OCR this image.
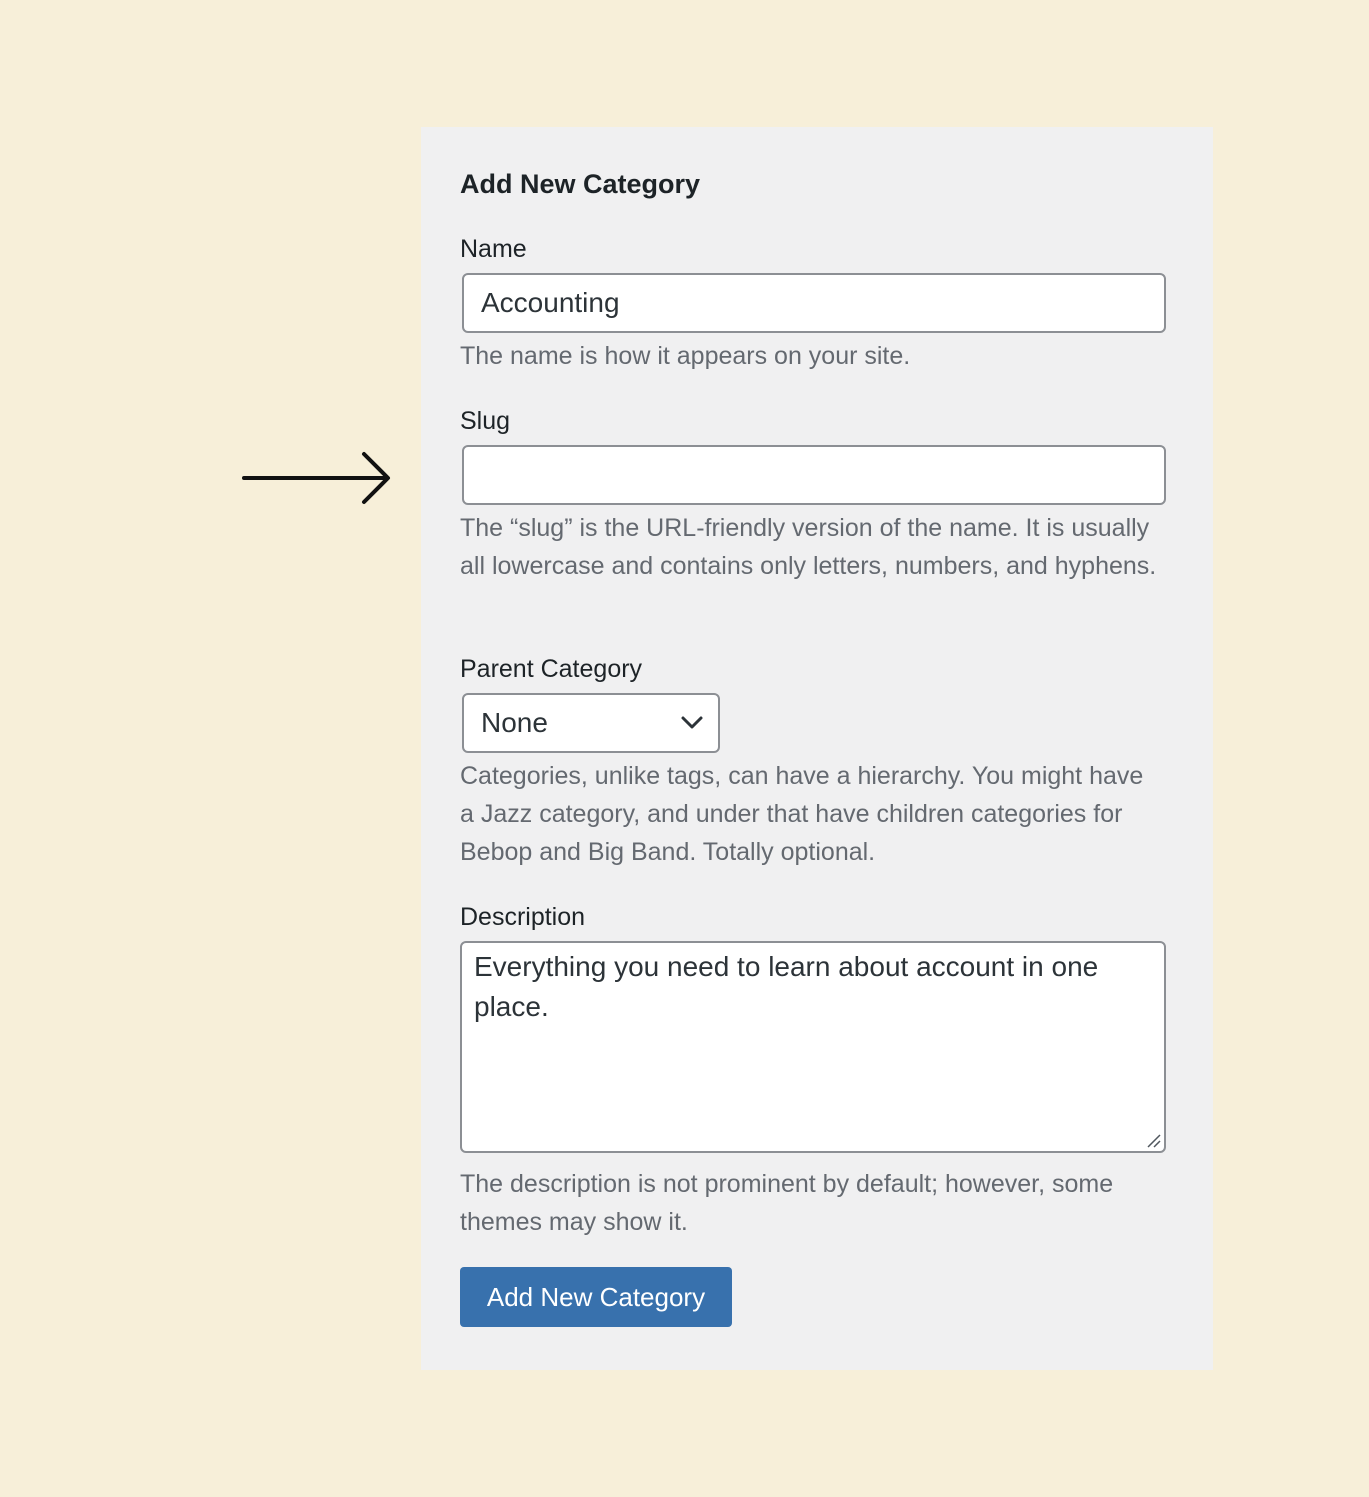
Add New Category
Name
Accounting
The name is how it appears on your site.
Slug
The “slug” is the URL-friendly version of the name. It is usually all lowercase and contains only letters, numbers, and hyphens.
Parent Category
None
Categories, unlike tags, can have a hierarchy. You might have a Jazz category, and under that have children categories for Bebop and Big Band. Totally optional.
Description
Everything you need to learn about account in one place.
The description is not prominent by default; however, some themes may show it.
Add New Category
